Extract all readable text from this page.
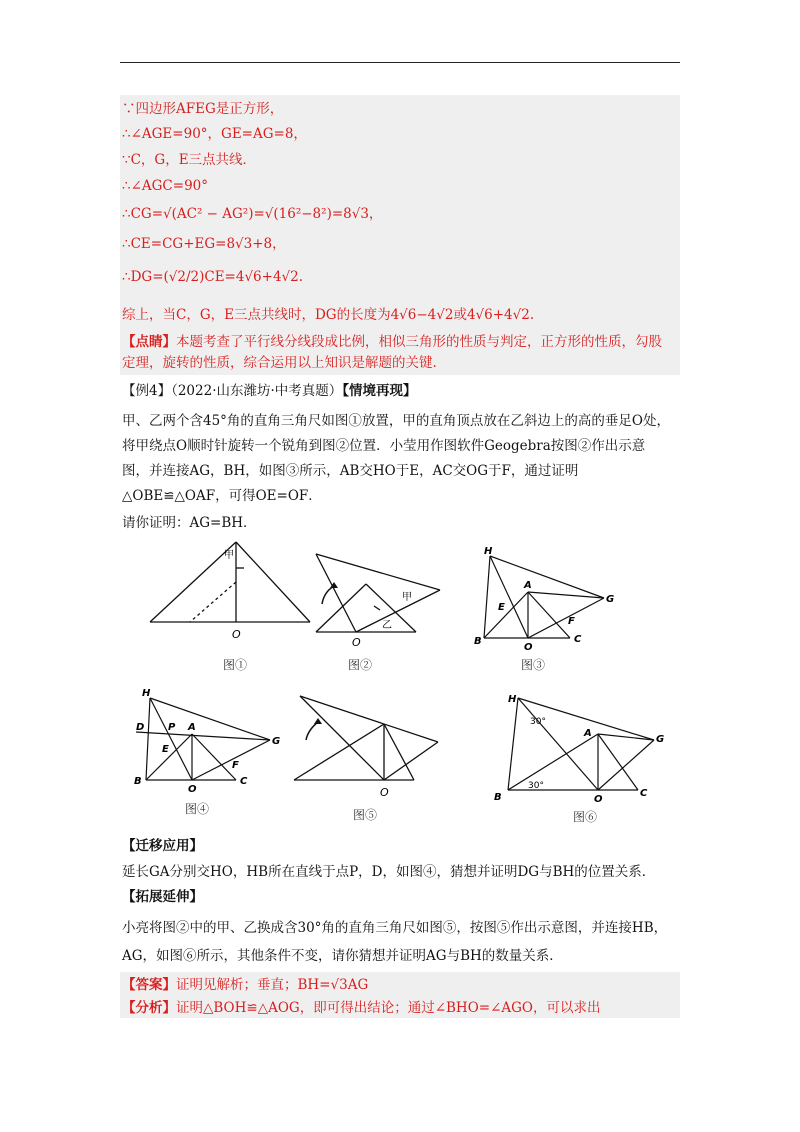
∵四边形AFEG是正方形，
∴∠AGE=90°，GE=AG=8，
∵C，G，E三点共线．
∴∠AGC=90°
∴CG=√(AC² − AG²)=√(16²−8²)=8√3，
∴CE=CG+EG=8√3+8，
∴DG=(√2/2)CE=4√6+4√2.
综上，当C，G，E三点共线时，DG的长度为4√6−4√2或4√6+4√2.
【点睛】本题考查了平行线分线段成比例，相似三角形的性质与判定，正方形的性质，勾股定理，旋转的性质，综合运用以上知识是解题的关键.
【例4】（2022·山东潍坊·中考真题）【情境再现】
甲、乙两个含45°角的直角三角尺如图①放置，甲的直角顶点放在乙斜边上的高的垂足O处，将甲绕点O顺时针旋转一个锐角到图②位置．小莹用作图软件Geogebra按图②作出示意图，并连接AG，BH，如图③所示，AB交HO于E，AC交OG于F，通过证明△OBE≌△OAF，可得OE=OF．
请你证明：AG=BH．
甲
O
图①
甲
乙
O
图②
H
A
G
E
F
B	C
O
图③
H
D P A
G
E
F
B	C
O
图④
O
图⑤
H
30°
A
G
30°
B	C
O
图⑥
【迁移应用】
延长GA分别交HO，HB所在直线于点P，D，如图④，猜想并证明DG与BH的位置关系．
【拓展延伸】
小亮将图②中的甲、乙换成含30°角的直角三角尺如图⑤，按图⑤作出示意图，并连接HB，AG，如图⑥所示，其他条件不变，请你猜想并证明AG与BH的数量关系．
【答案】证明见解析；垂直；BH=√3AG
【分析】证明△BOH≌△AOG，即可得出结论；通过∠BHO=∠AGO，可以求出
